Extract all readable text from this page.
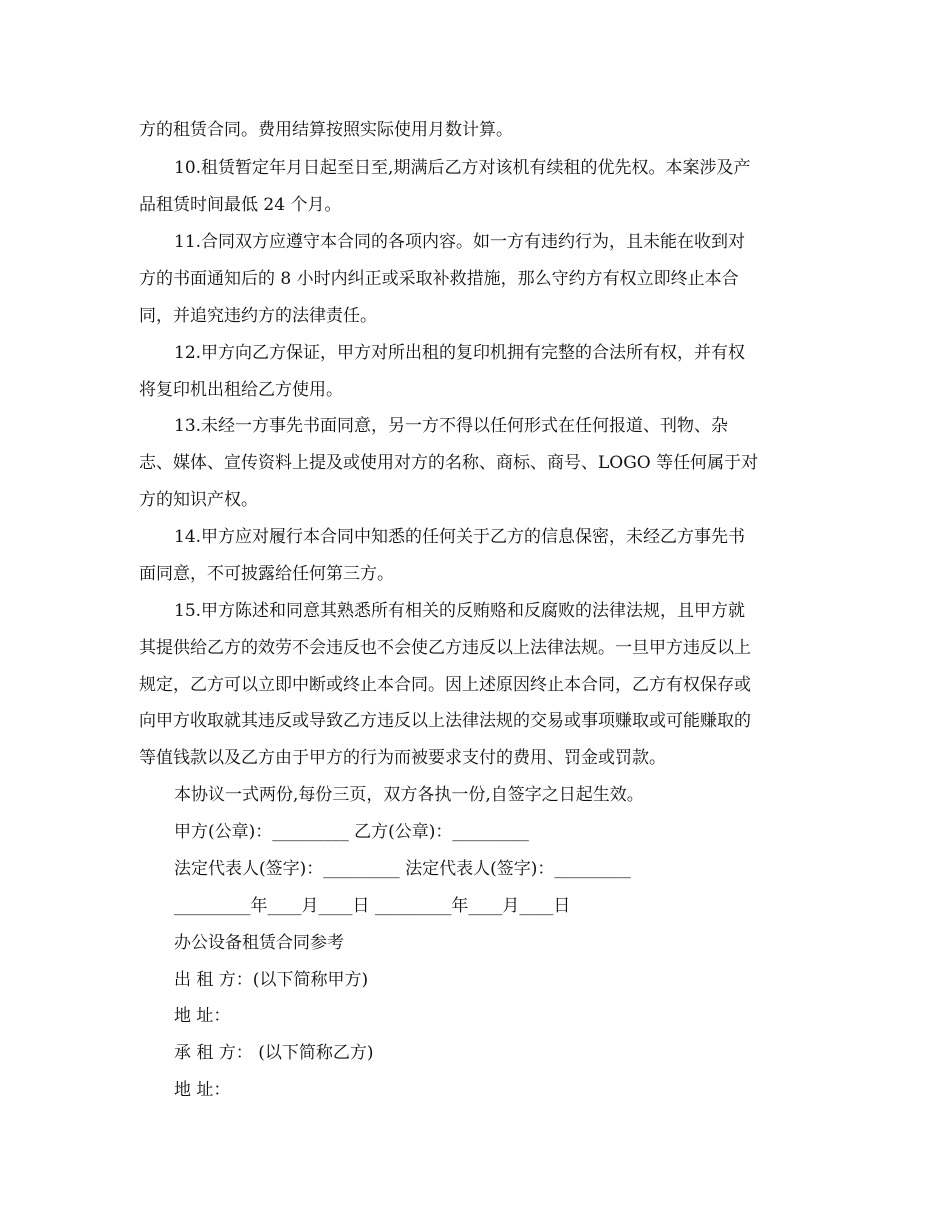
方的租赁合同。费用结算按照实际使用月数计算。
10.租赁暂定年月日起至日至,期满后乙方对该机有续租的优先权。本案涉及产
品租赁时间最低 24 个月。
11.合同双方应遵守本合同的各项内容。如一方有违约行为，且未能在收到对
方的书面通知后的 8 小时内纠正或采取补救措施，那么守约方有权立即终止本合
同，并追究违约方的法律责任。
12.甲方向乙方保证，甲方对所出租的复印机拥有完整的合法所有权，并有权
将复印机出租给乙方使用。
13.未经一方事先书面同意，另一方不得以任何形式在任何报道、刊物、杂
志、媒体、宣传资料上提及或使用对方的名称、商标、商号、LOGO 等任何属于对
方的知识产权。
14.甲方应对履行本合同中知悉的任何关于乙方的信息保密，未经乙方事先书
面同意，不可披露给任何第三方。
15.甲方陈述和同意其熟悉所有相关的反贿赂和反腐败的法律法规，且甲方就
其提供给乙方的效劳不会违反也不会使乙方违反以上法律法规。一旦甲方违反以上
规定，乙方可以立即中断或终止本合同。因上述原因终止本合同，乙方有权保存或
向甲方收取就其违反或导致乙方违反以上法律法规的交易或事项赚取或可能赚取的
等值钱款以及乙方由于甲方的行为而被要求支付的费用、罚金或罚款。
本协议一式两份,每份三页，双方各执一份,自签字之日起生效。
甲方(公章)：_________ 乙方(公章)：_________
法定代表人(签字)：_________ 法定代表人(签字)：_________
_________年____月____日 _________年____月____日
办公设备租赁合同参考
出 租 方：(以下简称甲方)
地 址：
承 租 方： (以下简称乙方)
地 址：
